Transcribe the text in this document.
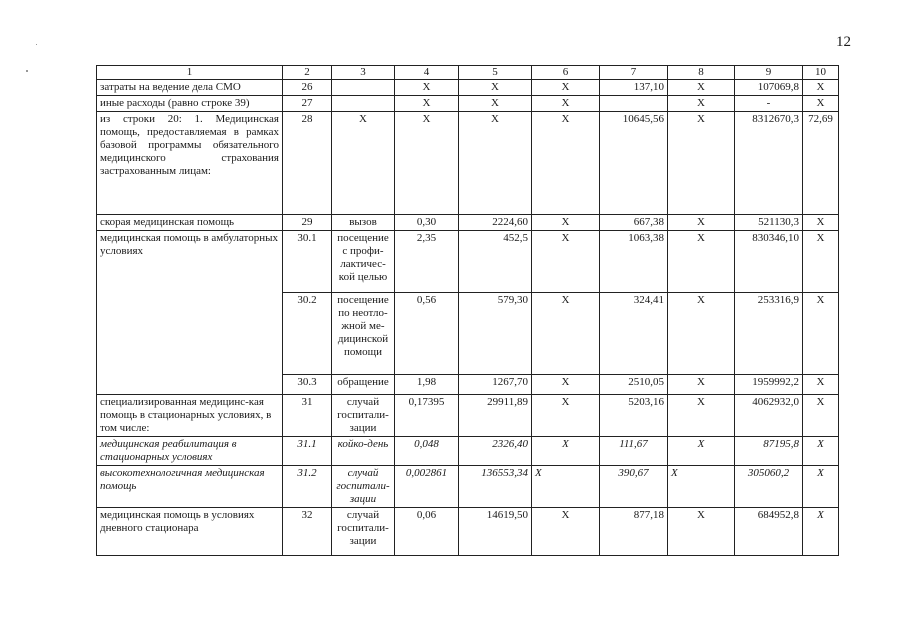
12
1	2	3	4	5	6	7	8	9	10
затраты на ведение дела СМО	26		X	X	X	137,10	X	107069,8	X
иные расходы (равно строке 39)	27		X	X	X		X	-	X
из строки 20: 1. Медицинская помощь, предоставляемая в рамках базовой программы обязательного медицинского страхования застрахованным лицам:	28	X	X	X	X	10645,56	X	8312670,3	72,69
скорая медицинская помощь	29	вызов	0,30	2224,60	X	667,38	X	521130,3	X
медицинская помощь в амбулаторных условиях	30.1	посещение с профи-лактичес-кой целью	2,35	452,5	X	1063,38	X	830346,10	X
	30.2	посещение по неотло-жной ме-дицинской помощи	0,56	579,30	X	324,41	X	253316,9	X
	30.3	обращение	1,98	1267,70	X	2510,05	X	1959992,2	X
специализированная медицинс-кая помощь в стационарных условиях, в том числе:	31	случай госпитали-зации	0,17395	29911,89	X	5203,16	X	4062932,0	X
медицинская реабилитация в стационарных условиях	31.1	койко-день	0,048	2326,40	X	111,67	X	87195,8	X
высокотехнологичная медицинская помощь	31.2	случай госпитали-зации	0,002861	136553,34	X	390,67	X	305060,2	X
медицинская помощь в условиях дневного стационара	32	случай госпитали-зации	0,06	14619,50	X	877,18	X	684952,8	X
